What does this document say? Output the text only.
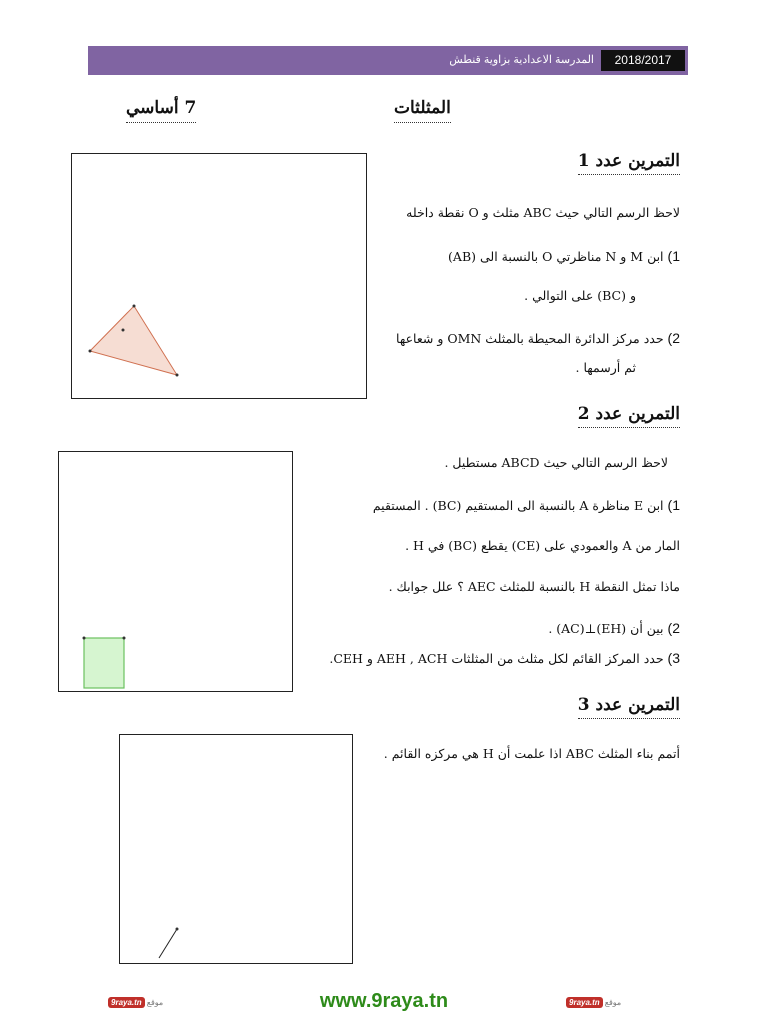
2018/2017
المدرسة الاعدادية بزاوية قنطش
7 أساسي	المثلثات
التمرين عدد 1
لاحظ الرسم التالي حيث ABC مثلث و O نقطة داخله
1) ابن M و N مناظرتي O بالنسبة الى (AB)
و (BC) على التوالي .
2) حدد مركز الدائرة المحيطة بالمثلث OMN و شعاعها
ثم أرسمها .
التمرين عدد 2
لاحظ الرسم التالي حيث ABCD مستطيل .
1) ابن E مناظرة A بالنسبة الى المستقيم (BC) . المستقيم
المار من A والعمودي على (CE) يقطع (BC) في H .
ماذا تمثل النقطة H بالنسبة للمثلث AEC ؟ علل جوابك .
2) بين أن (EH)⊥(AC) .
3) حدد المركز القائم لكل مثلث من المثلثات AEH , ACH و CEH.
التمرين عدد 3
أتمم بناء المثلث ABC اذا علمت أن H هي مركزه القائم .
9raya.tn موقع	www.9raya.tn	9raya.tn موقع
